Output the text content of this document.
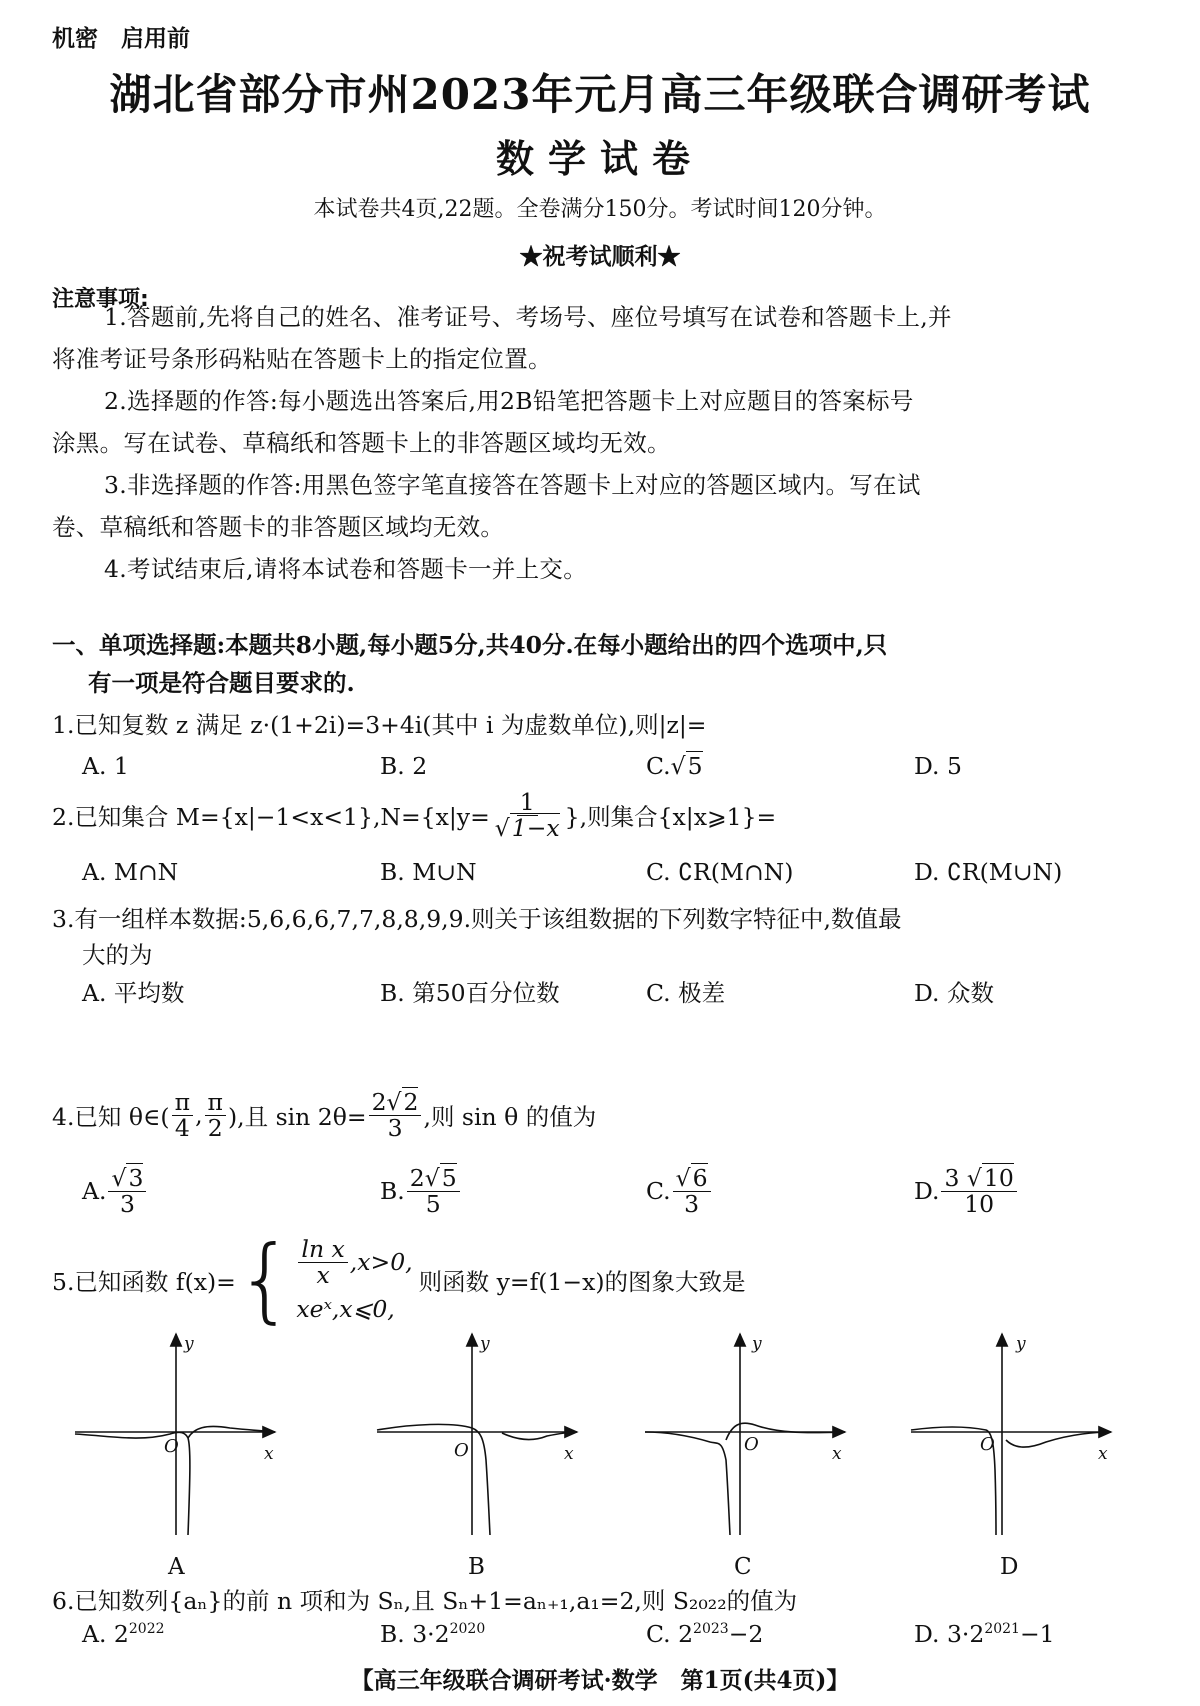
机密　启用前
湖北省部分市州2023年元月高三年级联合调研考试
数学试卷
本试卷共4页,22题。全卷满分150分。考试时间120分钟。
★祝考试顺利★
注意事项:
1.答题前,先将自己的姓名、准考证号、考场号、座位号填写在试卷和答题卡上,并
将准考证号条形码粘贴在答题卡上的指定位置。
2.选择题的作答:每小题选出答案后,用2B铅笔把答题卡上对应题目的答案标号
涂黑。写在试卷、草稿纸和答题卡上的非答题区域均无效。
3.非选择题的作答:用黑色签字笔直接答在答题卡上对应的答题区域内。写在试
卷、草稿纸和答题卡的非答题区域均无效。
4.考试结束后,请将本试卷和答题卡一并上交。
一、单项选择题:本题共8小题,每小题5分,共40分.在每小题给出的四个选项中,只
有一项是符合题目要求的.
1.已知复数 z 满足 z·(1+2i)=3+4i(其中 i 为虚数单位),则|z|=
A. 1	B. 2	C.√5	D. 5
2.已知集合 $M=\{x|-1<x<1\},N=\{x|y= \frac{1}{√1-x}$ },则集合{x|x⩾1}=
A. M∩N	B. M∪N	C. ∁R(M∩N)	D. ∁R(M∪N)
3.有一组样本数据:5,6,6,6,7,7,8,8,9,9.则关于该组数据的下列数字特征中,数值最
大的为
A. 平均数	B. 第50百分位数	C. 极差	D. 众数
4.已知 θ∈( $\frac{\pi}{4}$ , $\frac{\pi}{2}$ ),且 $\sin 2\theta= \frac{2√2}{3}$ ,则 sin θ 的值为
A. $\frac{√3}{3}$	B. $\frac{2√5}{5}$	C. $\frac{√6}{3}$	D. $\frac{3 √10}{10}$
5.已知函数 f(x)= { $\frac{\text{ln x}}{x} ,x>0$,
xeˣ,x⩽0,
则函数 y=f(1−x)的图象大致是
y
x
O
A
y
x
O
B
y
x
O
C
y
x
O
D
6.已知数列{aₙ}的前 n 项和为 Sₙ,且 Sₙ+1=aₙ₊₁,a₁=2,则 S₂₀₂₂的值为
A. $2^{2022}$	B. $3\cdot 2^{2020}$	C. $2^{2023}-2$	D. $3\cdot 2^{2021}-1$
【高三年级联合调研考试·数学　第1页(共4页)】
